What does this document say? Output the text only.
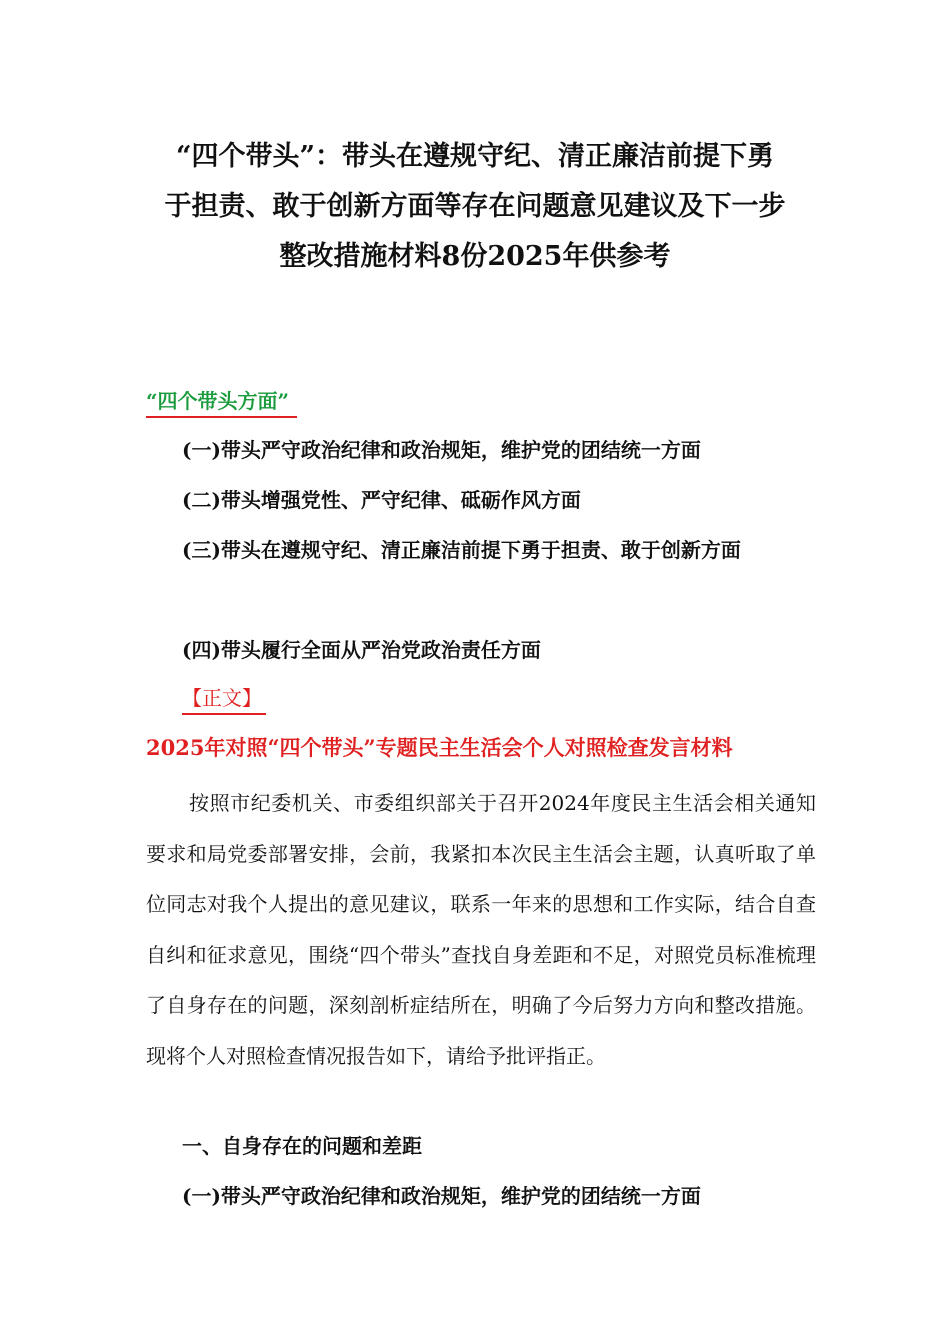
“四个带头”：带头在遵规守纪、清正廉洁前提下勇
于担责、敢于创新方面等存在问题意见建议及下一步
整改措施材料8份2025年供参考
“四个带头方面”
(一)带头严守政治纪律和政治规矩，维护党的团结统一方面
(二)带头增强党性、严守纪律、砥砺作风方面
(三)带头在遵规守纪、清正廉洁前提下勇于担责、敢于创新方面
(四)带头履行全面从严治党政治责任方面
【正文】
2025年对照“四个带头”专题民主生活会个人对照检查发言材料
按照市纪委机关、市委组织部关于召开2024年度民主生活会相关通知要求和局党委部署安排，会前，我紧扣本次民主生活会主题，认真听取了单位同志对我个人提出的意见建议，联系一年来的思想和工作实际，结合自查自纠和征求意见，围绕“四个带头”查找自身差距和不足，对照党员标准梳理了自身存在的问题，深刻剖析症结所在，明确了今后努力方向和整改措施。现将个人对照检查情况报告如下，请给予批评指正。
一、自身存在的问题和差距
(一)带头严守政治纪律和政治规矩，维护党的团结统一方面
